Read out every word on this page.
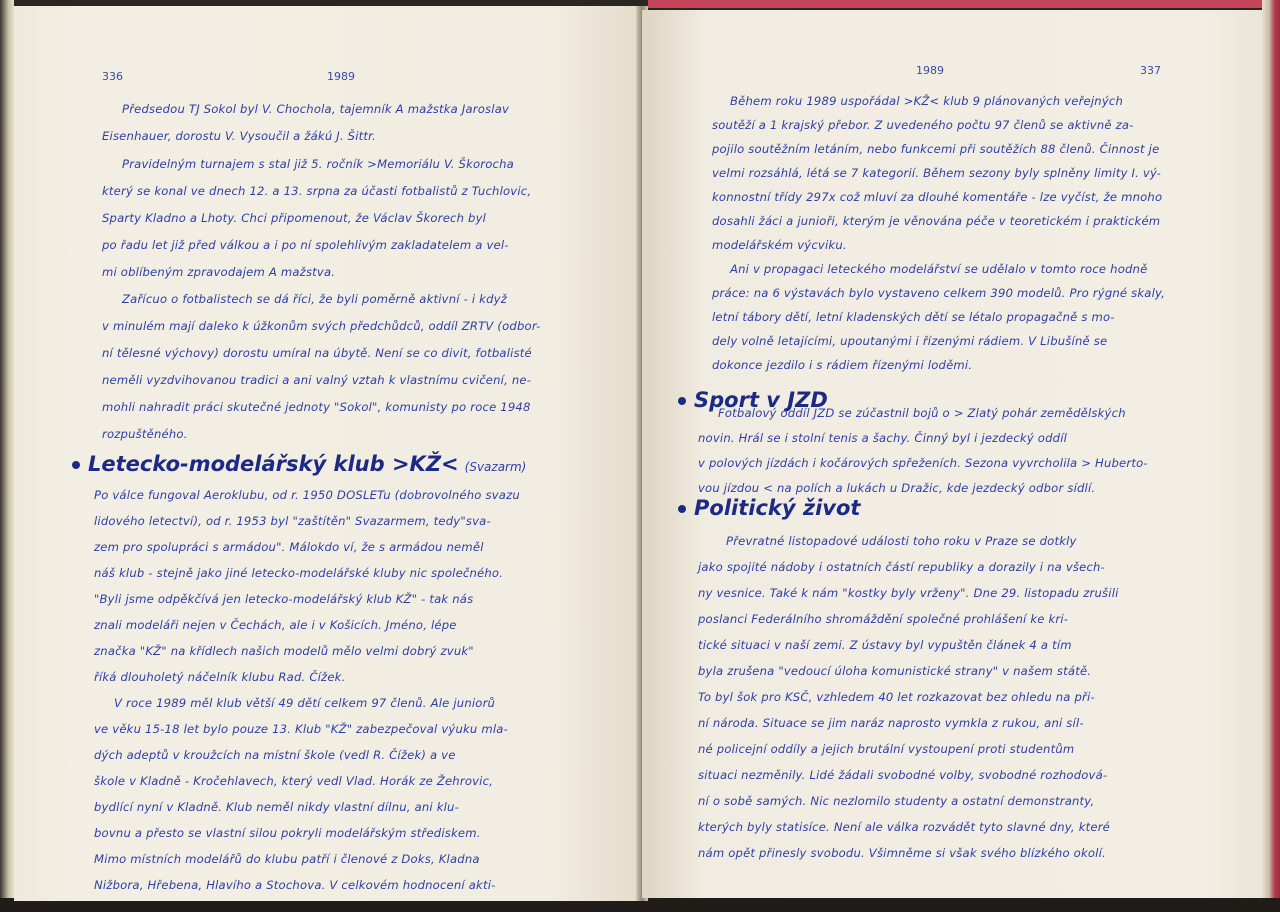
336	1989
Předsedou TJ Sokol byl V. Chochola, tajemník A mažstka Jaroslav
Eisenhauer, dorostu V. Vysoučil a žákú J. Šittr.
Pravidelným turnajem s stal již 5. ročník >Memoriálu V. Škorocha
který se konal ve dnech 12. a 13. srpna za účasti fotbalistů z Tuchlovic,
Sparty Kladno a Lhoty. Chci připomenout, že Václav Škorech byl
po řadu let již před válkou a i po ní spolehlivým zakladatelem a vel-
mi oblíbeným zpravodajem A mažstva.
Zařícuo o fotbalistech se dá říci, že byli poměrně aktivní - i když
v minulém mají daleko k úžkonům svých předchůdců, oddíl ZRTV (odbor-
ní tělesné výchovy) dorostu umíral na úbytě. Není se co divit, fotbalisté
neměli vyzdvihovanou tradici a ani valný vztah k vlastnímu cvičení, ne-
mohli nahradit práci skutečné jednoty "Sokol", komunisty po roce 1948
rozpuštěného.
Letecko-modelářský klub >KŽ< (Svazarm)
Po válce fungoval Aeroklubu, od r. 1950 DOSLETu (dobrovolného svazu
lidového letectví), od r. 1953 byl "zaštítěn" Svazarmem, tedy"sva-
zem pro spolupráci s armádou". Málokdo ví, že s armádou neměl
náš klub - stejně jako jiné letecko-modelářské kluby nic společného.
"Byli jsme odpěkčívá jen letecko-modelářský klub KŽ" - tak nás
znali modeláři nejen v Čechách, ale i v Košicích. Jméno, lépe
značka "KŽ" na křídlech našich modelů mělo velmi dobrý zvuk"
říká dlouholetý náčelník klubu Rad. Čížek.
V roce 1989 měl klub větší 49 dětí celkem 97 členů. Ale juniorů
ve věku 15-18 let bylo pouze 13. Klub "KŽ" zabezpečoval výuku mla-
dých adeptů v kroužcích na místní škole (vedl R. Čížek) a ve
škole v Kladně - Kročehlavech, který vedl Vlad. Horák ze Žehrovic,
bydlící nyní v Kladně. Klub neměl nikdy vlastní dílnu, ani klu-
bovnu a přesto se vlastní silou pokryli modelářským střediskem.
Mimo místních modelářů do klubu patří i členové z Doks, Kladna
Nižbora, Hřebena, Hlavího a Stochova. V celkovém hodnocení akti-
1989	337
Během roku 1989 uspořádal >KŽ< klub 9 plánovaných veřejných
soutěží a 1 krajský přebor. Z uvedeného počtu 97 členů se aktivně za-
pojilo soutěžním letáním, nebo funkcemi při soutěžích 88 členů. Činnost je
velmi rozsáhlá, létá se 7 kategorií. Během sezony byly splněny limity I. vý-
konnostní třídy 297x což mluví za dlouhé komentáře - lze vyčíst, že mnoho
dosahli žáci a junioři, kterým je věnována péče v teoretickém i praktickém
modelářském výcviku.
Ani v propagaci leteckého modelářství se udělalo v tomto roce hodně
práce: na 6 výstavách bylo vystaveno celkem 390 modelů. Pro rýgné skaly,
letní tábory dětí, letní kladenských dětí se létalo propagačně s mo-
dely volně letajícími, upoutanými i řízenými rádiem. V Libušíně se
dokonce jezdilo i s rádiem řízenými loděmi.
Sport v JZD
Fotbalový oddíl JZD se zúčastnil bojů o > Zlatý pohár zemědělských
novin. Hrál se i stolní tenis a šachy. Činný byl i jezdecký oddíl
v polových jízdách i kočárových spřeženích. Sezona vyvrcholila > Huberto-
vou jízdou < na polích a lukách u Dražic, kde jezdecký odbor sídlí.
Politický život
Převratné listopadové události toho roku v Praze se dotkly
jako spojité nádoby i ostatních částí republiky a dorazily i na všech-
ny vesnice. Také k nám "kostky byly vrženy". Dne 29. listopadu zrušili
poslanci Federálního shromáždění společné prohlášení ke kri-
tické situaci v naší zemi. Z ústavy byl vypuštěn článek 4 a tím
byla zrušena "vedoucí úloha komunistické strany" v našem státě.
To byl šok pro KSČ, vzhledem 40 let rozkazovat bez ohledu na při-
ní národa. Situace se jim naráz naprosto vymkla z rukou, ani síl-
né policejní oddíly a jejich brutální vystoupení proti studentům
situaci nezměnily. Lidé žádali svobodné volby, svobodné rozhodová-
ní o sobě samých. Nic nezlomilo studenty a ostatní demonstranty,
kterých byly statisíce. Není ale válka rozvádět tyto slavné dny, které
nám opět přinesly svobodu. Všimněme si však svého blízkého okolí.
